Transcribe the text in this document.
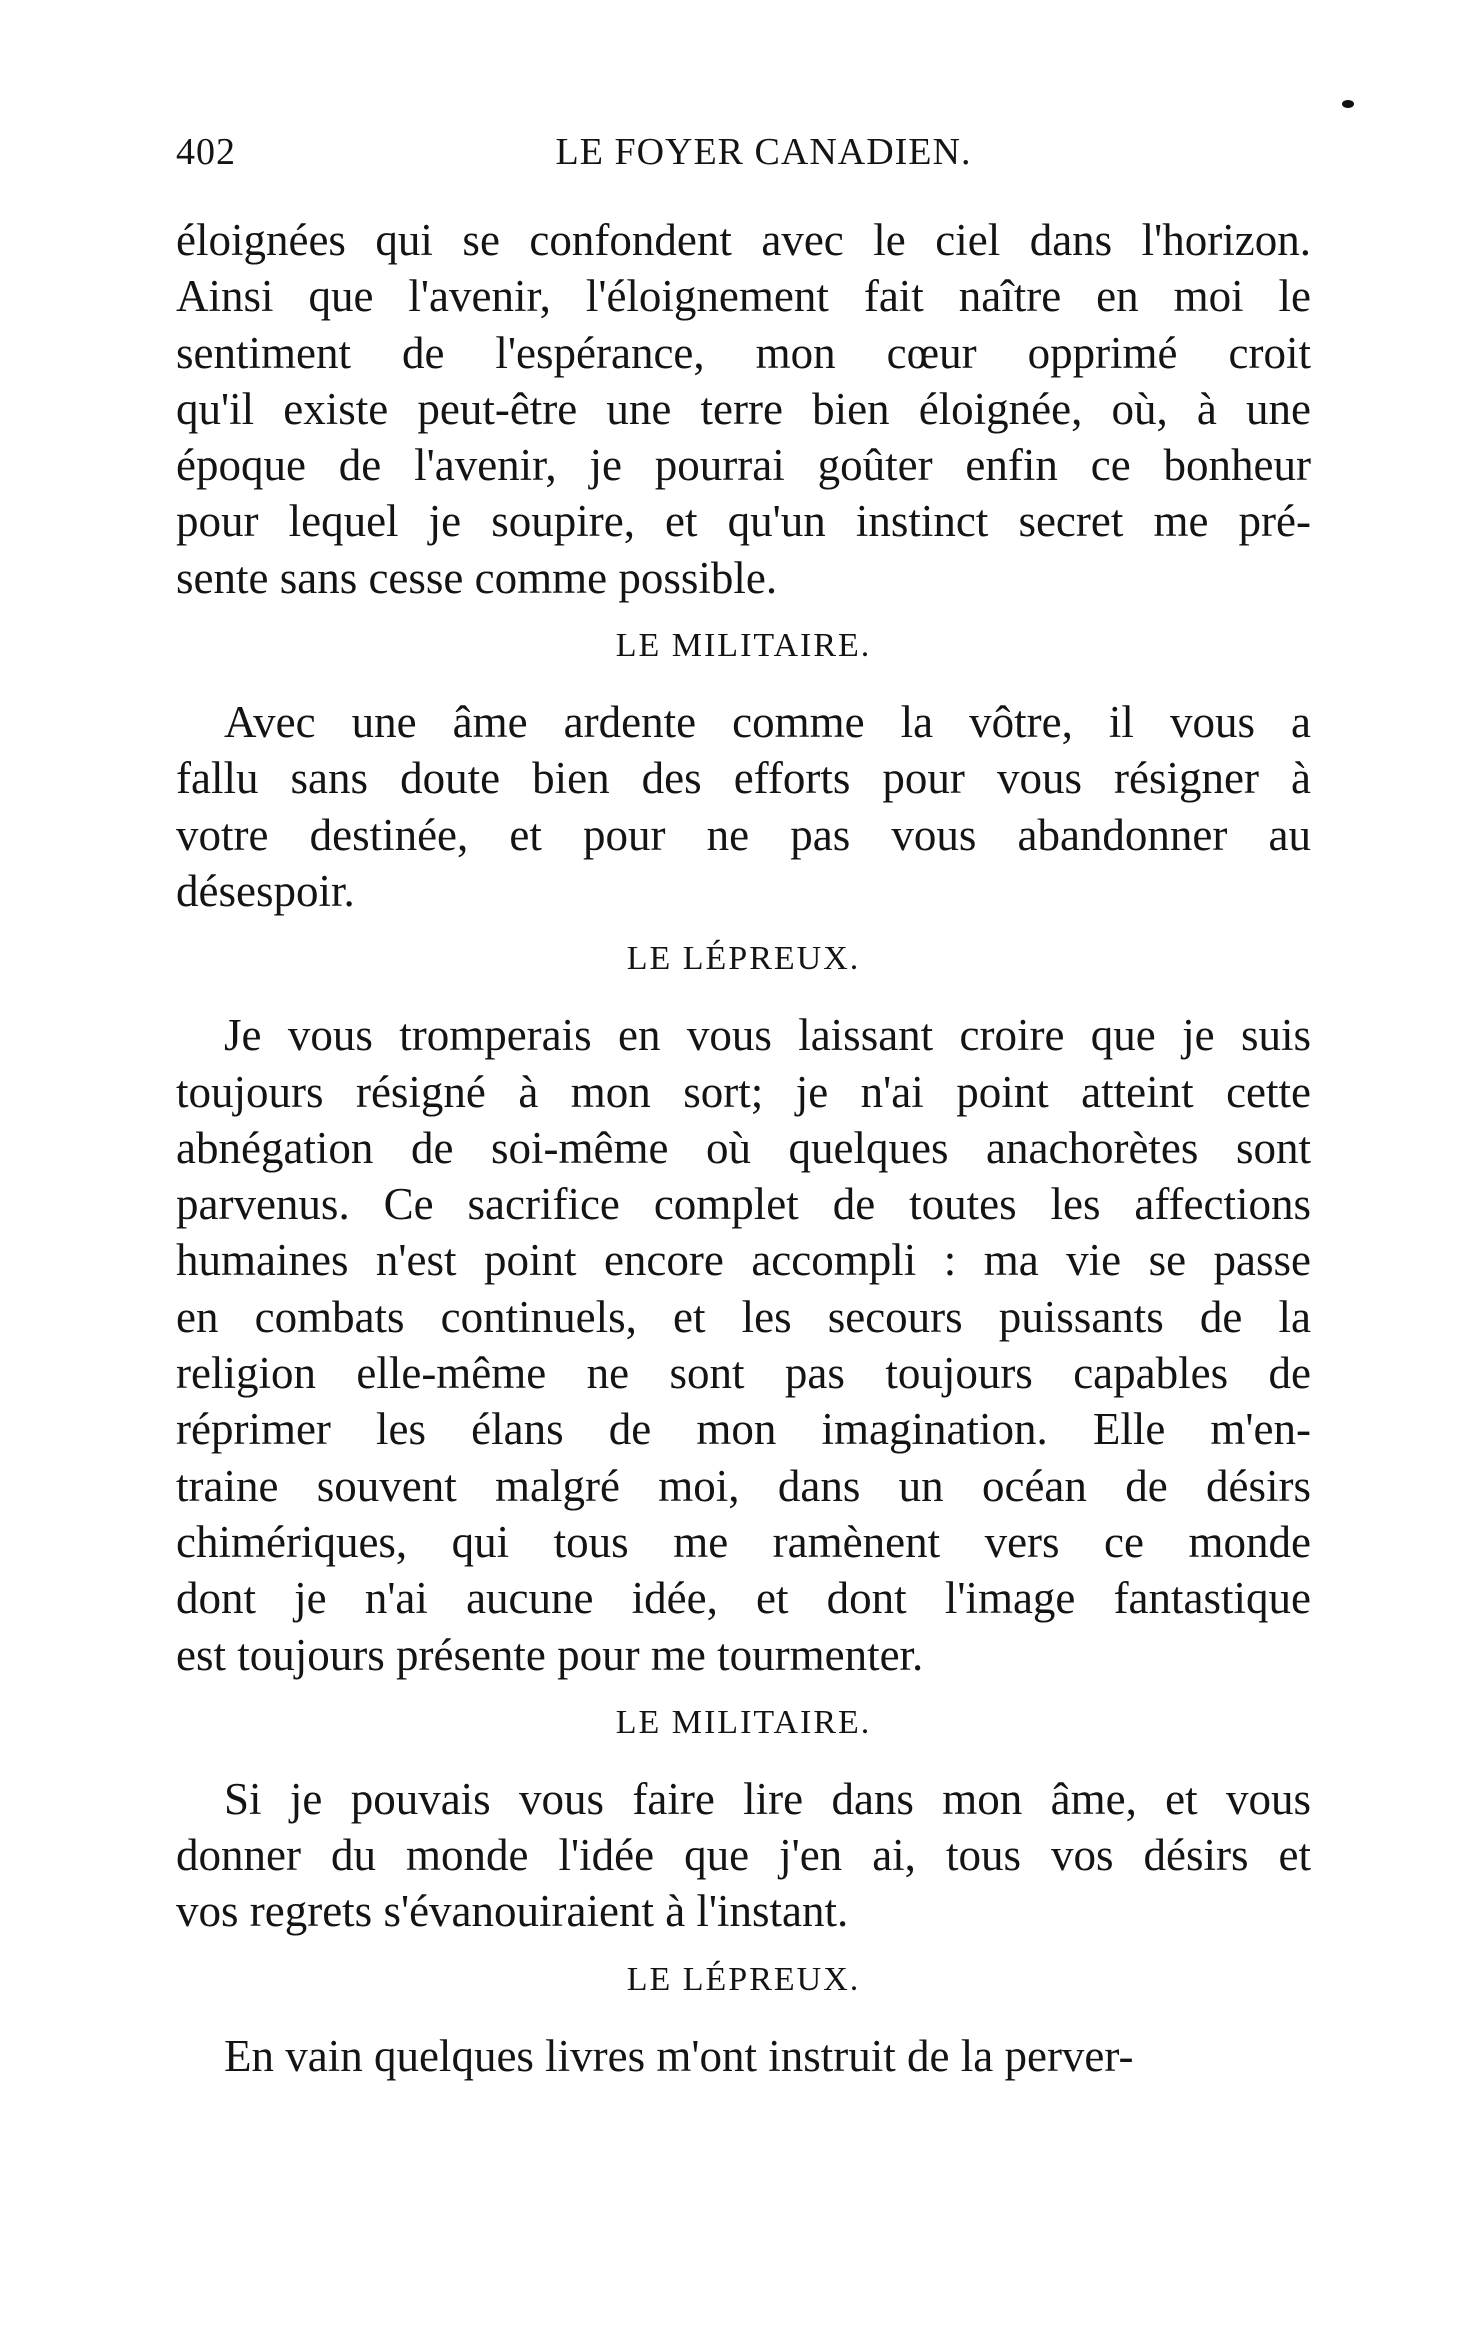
402	LE FOYER CANADIEN.
éloignées qui se confondent avec le ciel dans l'horizon.
Ainsi que l'avenir, l'éloignement fait naître en moi le
sentiment de l'espérance, mon cœur opprimé croit
qu'il existe peut-être une terre bien éloignée, où, à une
époque de l'avenir, je pourrai goûter enfin ce bonheur
pour lequel je soupire, et qu'un instinct secret me pré-
sente sans cesse comme possible.
LE MILITAIRE.
Avec une âme ardente comme la vôtre, il vous a
fallu sans doute bien des efforts pour vous résigner à
votre destinée, et pour ne pas vous abandonner au
désespoir.
LE LÉPREUX.
Je vous tromperais en vous laissant croire que je suis
toujours résigné à mon sort; je n'ai point atteint cette
abnégation de soi-même où quelques anachorètes sont
parvenus. Ce sacrifice complet de toutes les affections
humaines n'est point encore accompli : ma vie se passe
en combats continuels, et les secours puissants de la
religion elle-même ne sont pas toujours capables de
réprimer les élans de mon imagination. Elle m'en-
traine souvent malgré moi, dans un océan de désirs
chimériques, qui tous me ramènent vers ce monde
dont je n'ai aucune idée, et dont l'image fantastique
est toujours présente pour me tourmenter.
LE MILITAIRE.
Si je pouvais vous faire lire dans mon âme, et vous
donner du monde l'idée que j'en ai, tous vos désirs et
vos regrets s'évanouiraient à l'instant.
LE LÉPREUX.
En vain quelques livres m'ont instruit de la perver-
